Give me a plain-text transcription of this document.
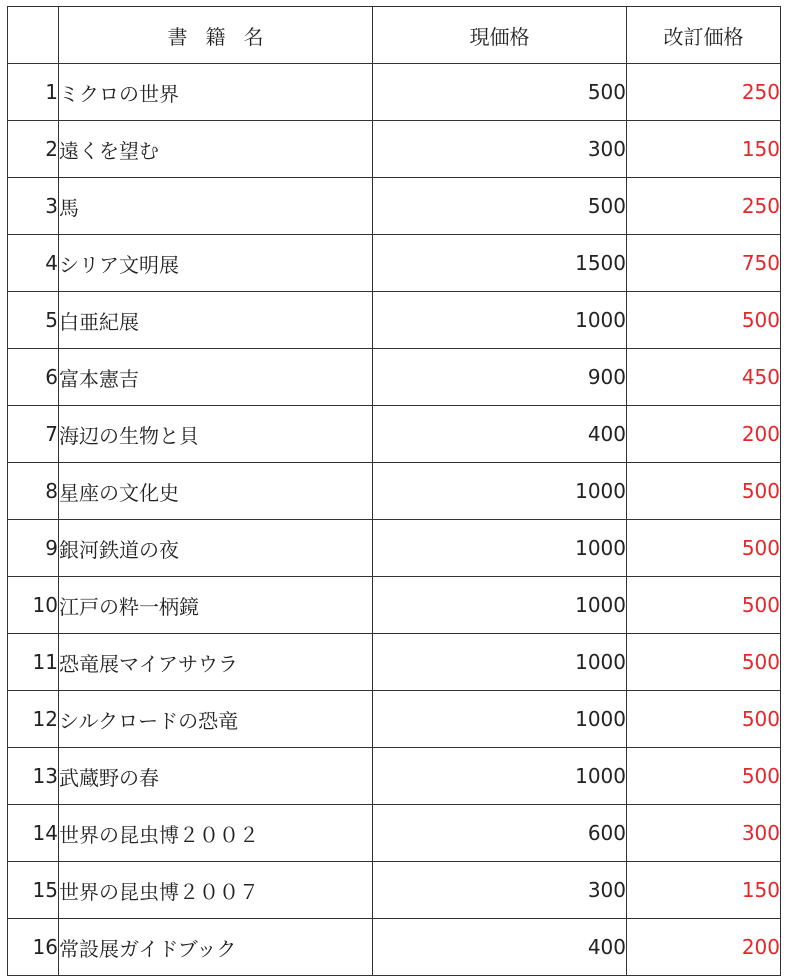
	書籍名	現価格	改訂価格
1	ミクロの世界	500	250
2	遠くを望む	300	150
3	馬	500	250
4	シリア文明展	1500	750
5	白亜紀展	1000	500
6	富本憲吉	900	450
7	海辺の生物と貝	400	200
8	星座の文化史	1000	500
9	銀河鉄道の夜	1000	500
10	江戸の粋一柄鏡	1000	500
11	恐竜展マイアサウラ	1000	500
12	シルクロードの恐竜	1000	500
13	武蔵野の春	1000	500
14	世界の昆虫博２００２	600	300
15	世界の昆虫博２００７	300	150
16	常設展ガイドブック	400	200
